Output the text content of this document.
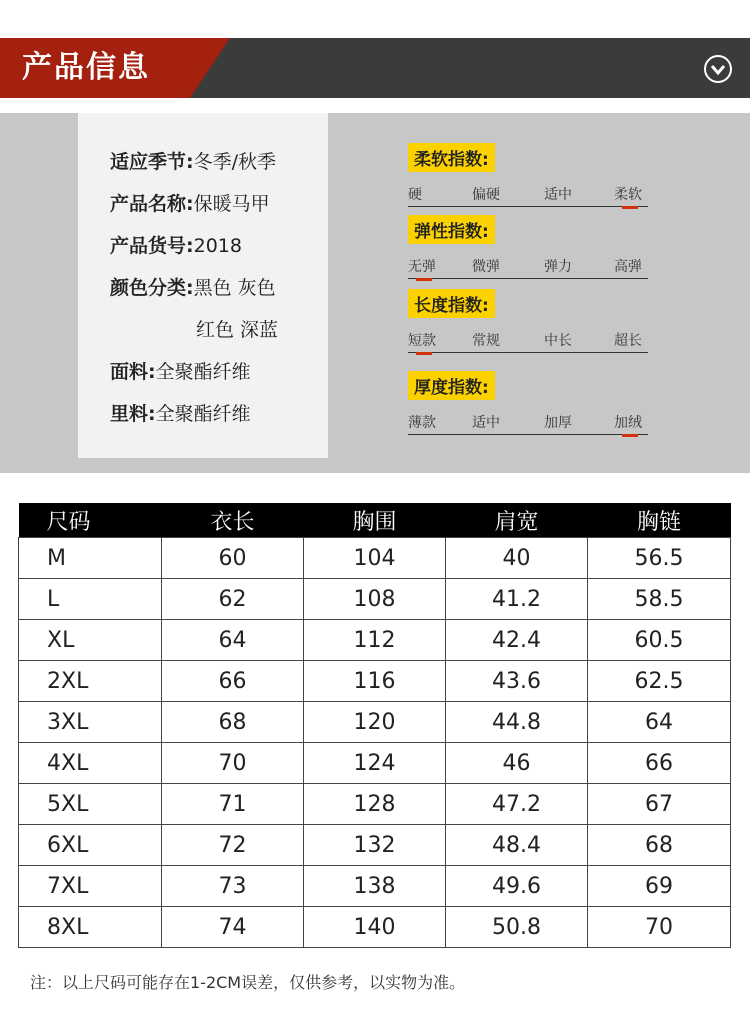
产品信息
适应季节:冬季/秋季
产品名称:保暖马甲
产品货号:2018
颜色分类:黑色 灰色
红色 深蓝
面料:全聚酯纤维
里料:全聚酯纤维
柔软指数:
硬	偏硬	适中	柔软
弹性指数:
无弹	微弹	弹力	高弹
长度指数:
短款	常规	中长	超长
厚度指数:
薄款	适中	加厚	加绒
尺码	衣长	胸围	肩宽	胸链
M	60	104	40	56.5
L	62	108	41.2	58.5
XL	64	112	42.4	60.5
2XL	66	116	43.6	62.5
3XL	68	120	44.8	64
4XL	70	124	46	66
5XL	71	128	47.2	67
6XL	72	132	48.4	68
7XL	73	138	49.6	69
8XL	74	140	50.8	70
注：以上尺码可能存在1-2CM误差，仅供参考，以实物为准。
